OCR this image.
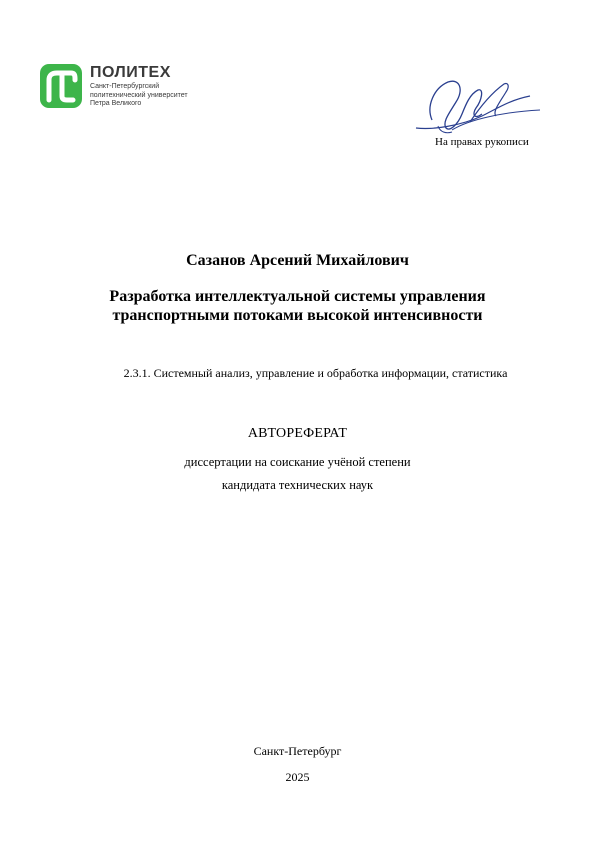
ПОЛИТЕХ
Санкт-Петербургский
политехнический университет
Петра Великого
На правах рукописи
Сазанов Арсений Михайлович
Разработка интеллектуальной системы управления
транспортными потоками высокой интенсивности
2.3.1. Системный анализ, управление и обработка информации, статистика
АВТОРЕФЕРАТ
диссертации на соискание учёной степени
кандидата технических наук
Санкт-Петербург
2025
